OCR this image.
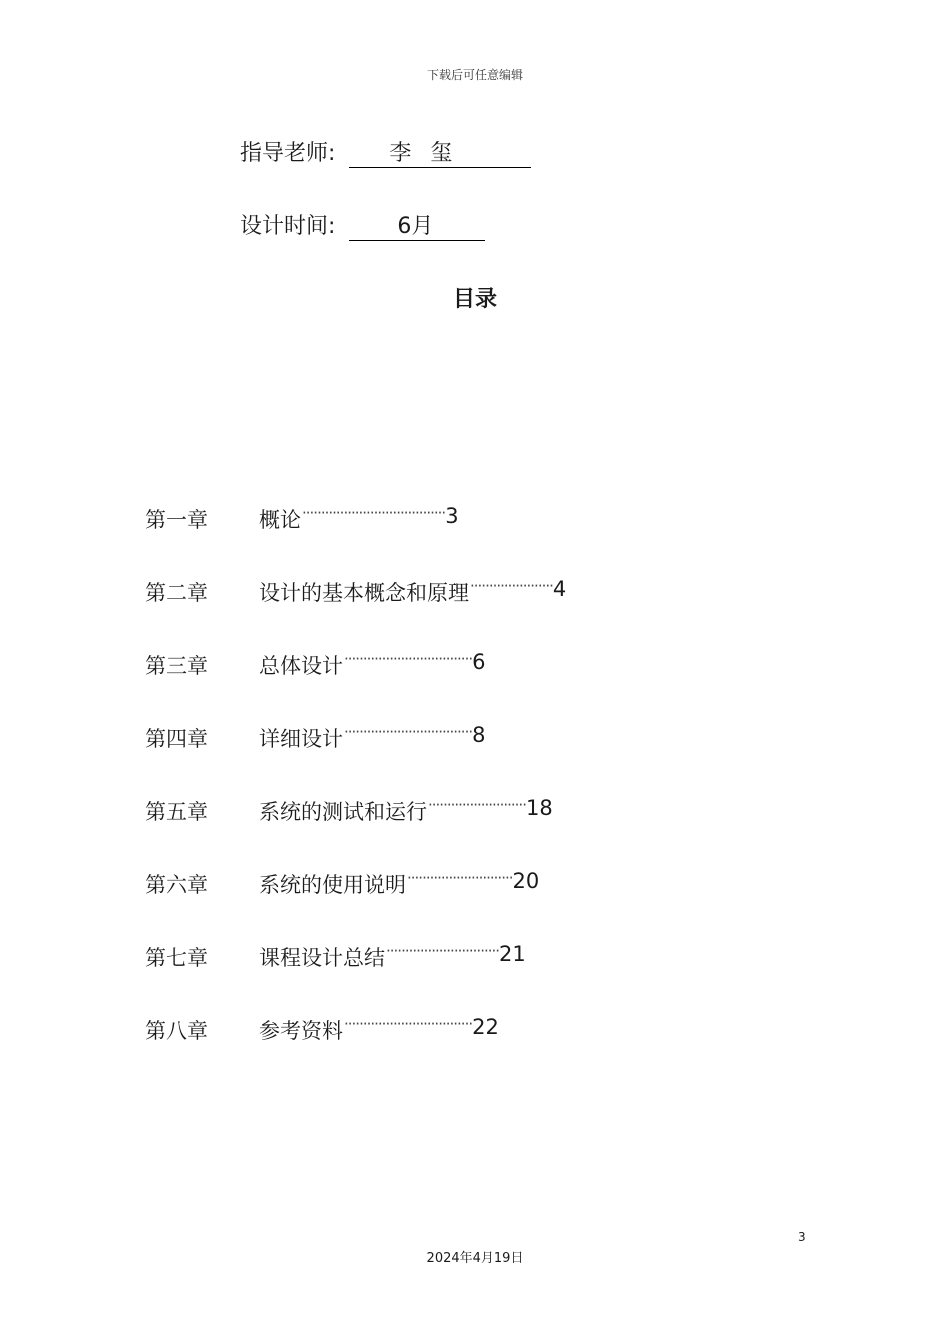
下载后可任意编辑
指导老师: 李 玺
设计时间:	6月
目录
第一章	概论 ······································ 3
第二章	设计的基本概念和原理 ······················ 4
第三章	总体设计 ·································· 6
第四章	详细设计 ·································· 8
第五章	系统的测试和运行 ·························· 18
第六章	系统的使用说明 ···························· 20
第七章	课程设计总结 ······························ 21
第八章	参考资料 ·································· 22
3
2024年4月19日
